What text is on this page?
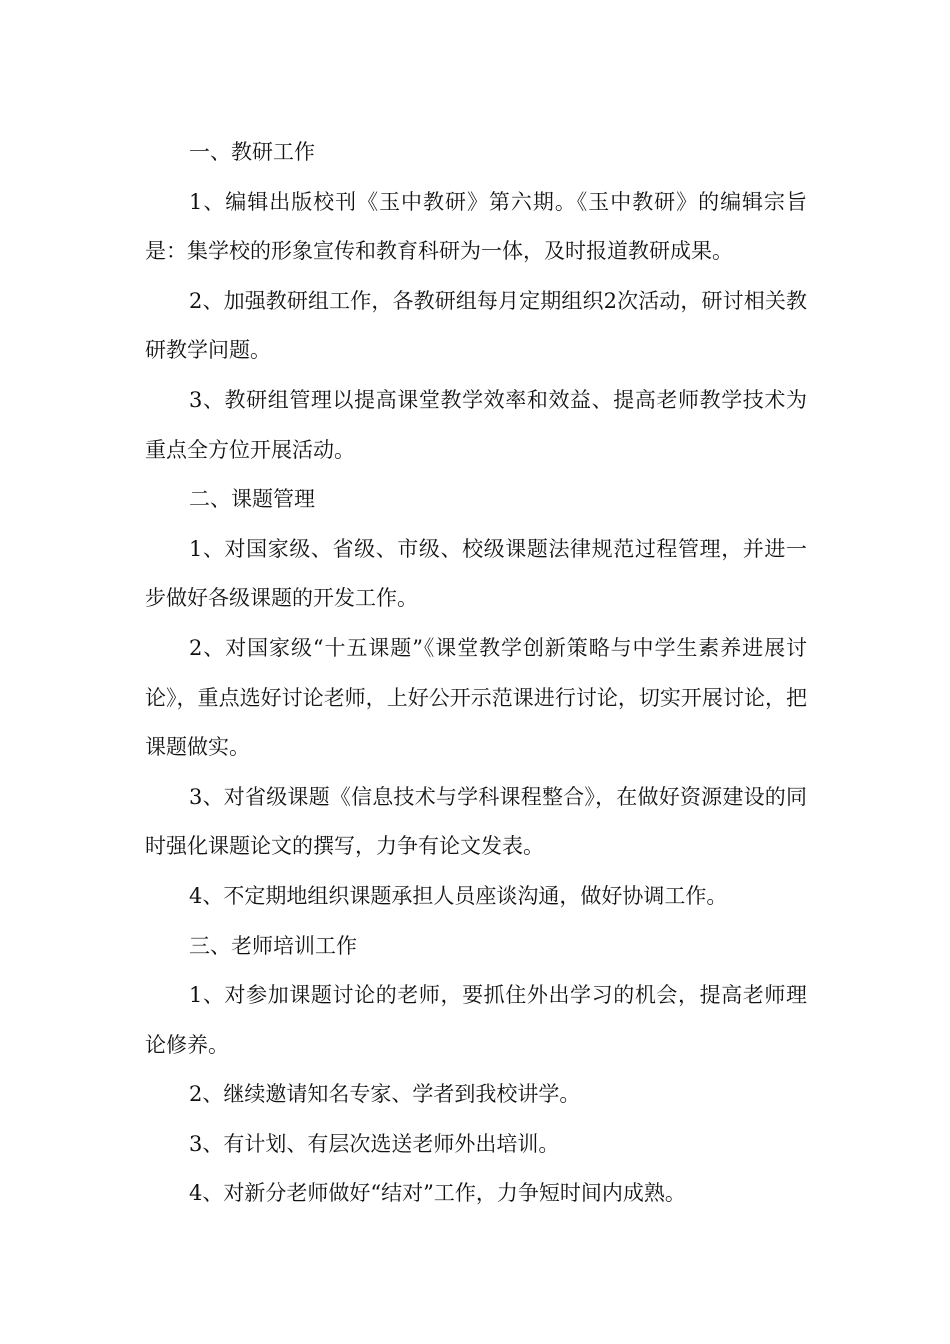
一、教研工作

1、编辑出版校刊《玉中教研》第六期。《玉中教研》的编辑宗旨是：集学校的形象宣传和教育科研为一体，及时报道教研成果。

2、加强教研组工作，各教研组每月定期组织2次活动，研讨相关教研教学问题。

3、教研组管理以提高课堂教学效率和效益、提高老师教学技术为重点全方位开展活动。

二、课题管理

1、对国家级、省级、市级、校级课题法律规范过程管理，并进一步做好各级课题的开发工作。

2、对国家级“十五课题”《课堂教学创新策略与中学生素养进展讨论》，重点选好讨论老师，上好公开示范课进行讨论，切实开展讨论，把课题做实。

3、对省级课题《信息技术与学科课程整合》，在做好资源建设的同时强化课题论文的撰写，力争有论文发表。

4、不定期地组织课题承担人员座谈沟通，做好协调工作。

三、老师培训工作

1、对参加课题讨论的老师，要抓住外出学习的机会，提高老师理论修养。

2、继续邀请知名专家、学者到我校讲学。

3、有计划、有层次选送老师外出培训。

4、对新分老师做好“结对”工作，力争短时间内成熟。
